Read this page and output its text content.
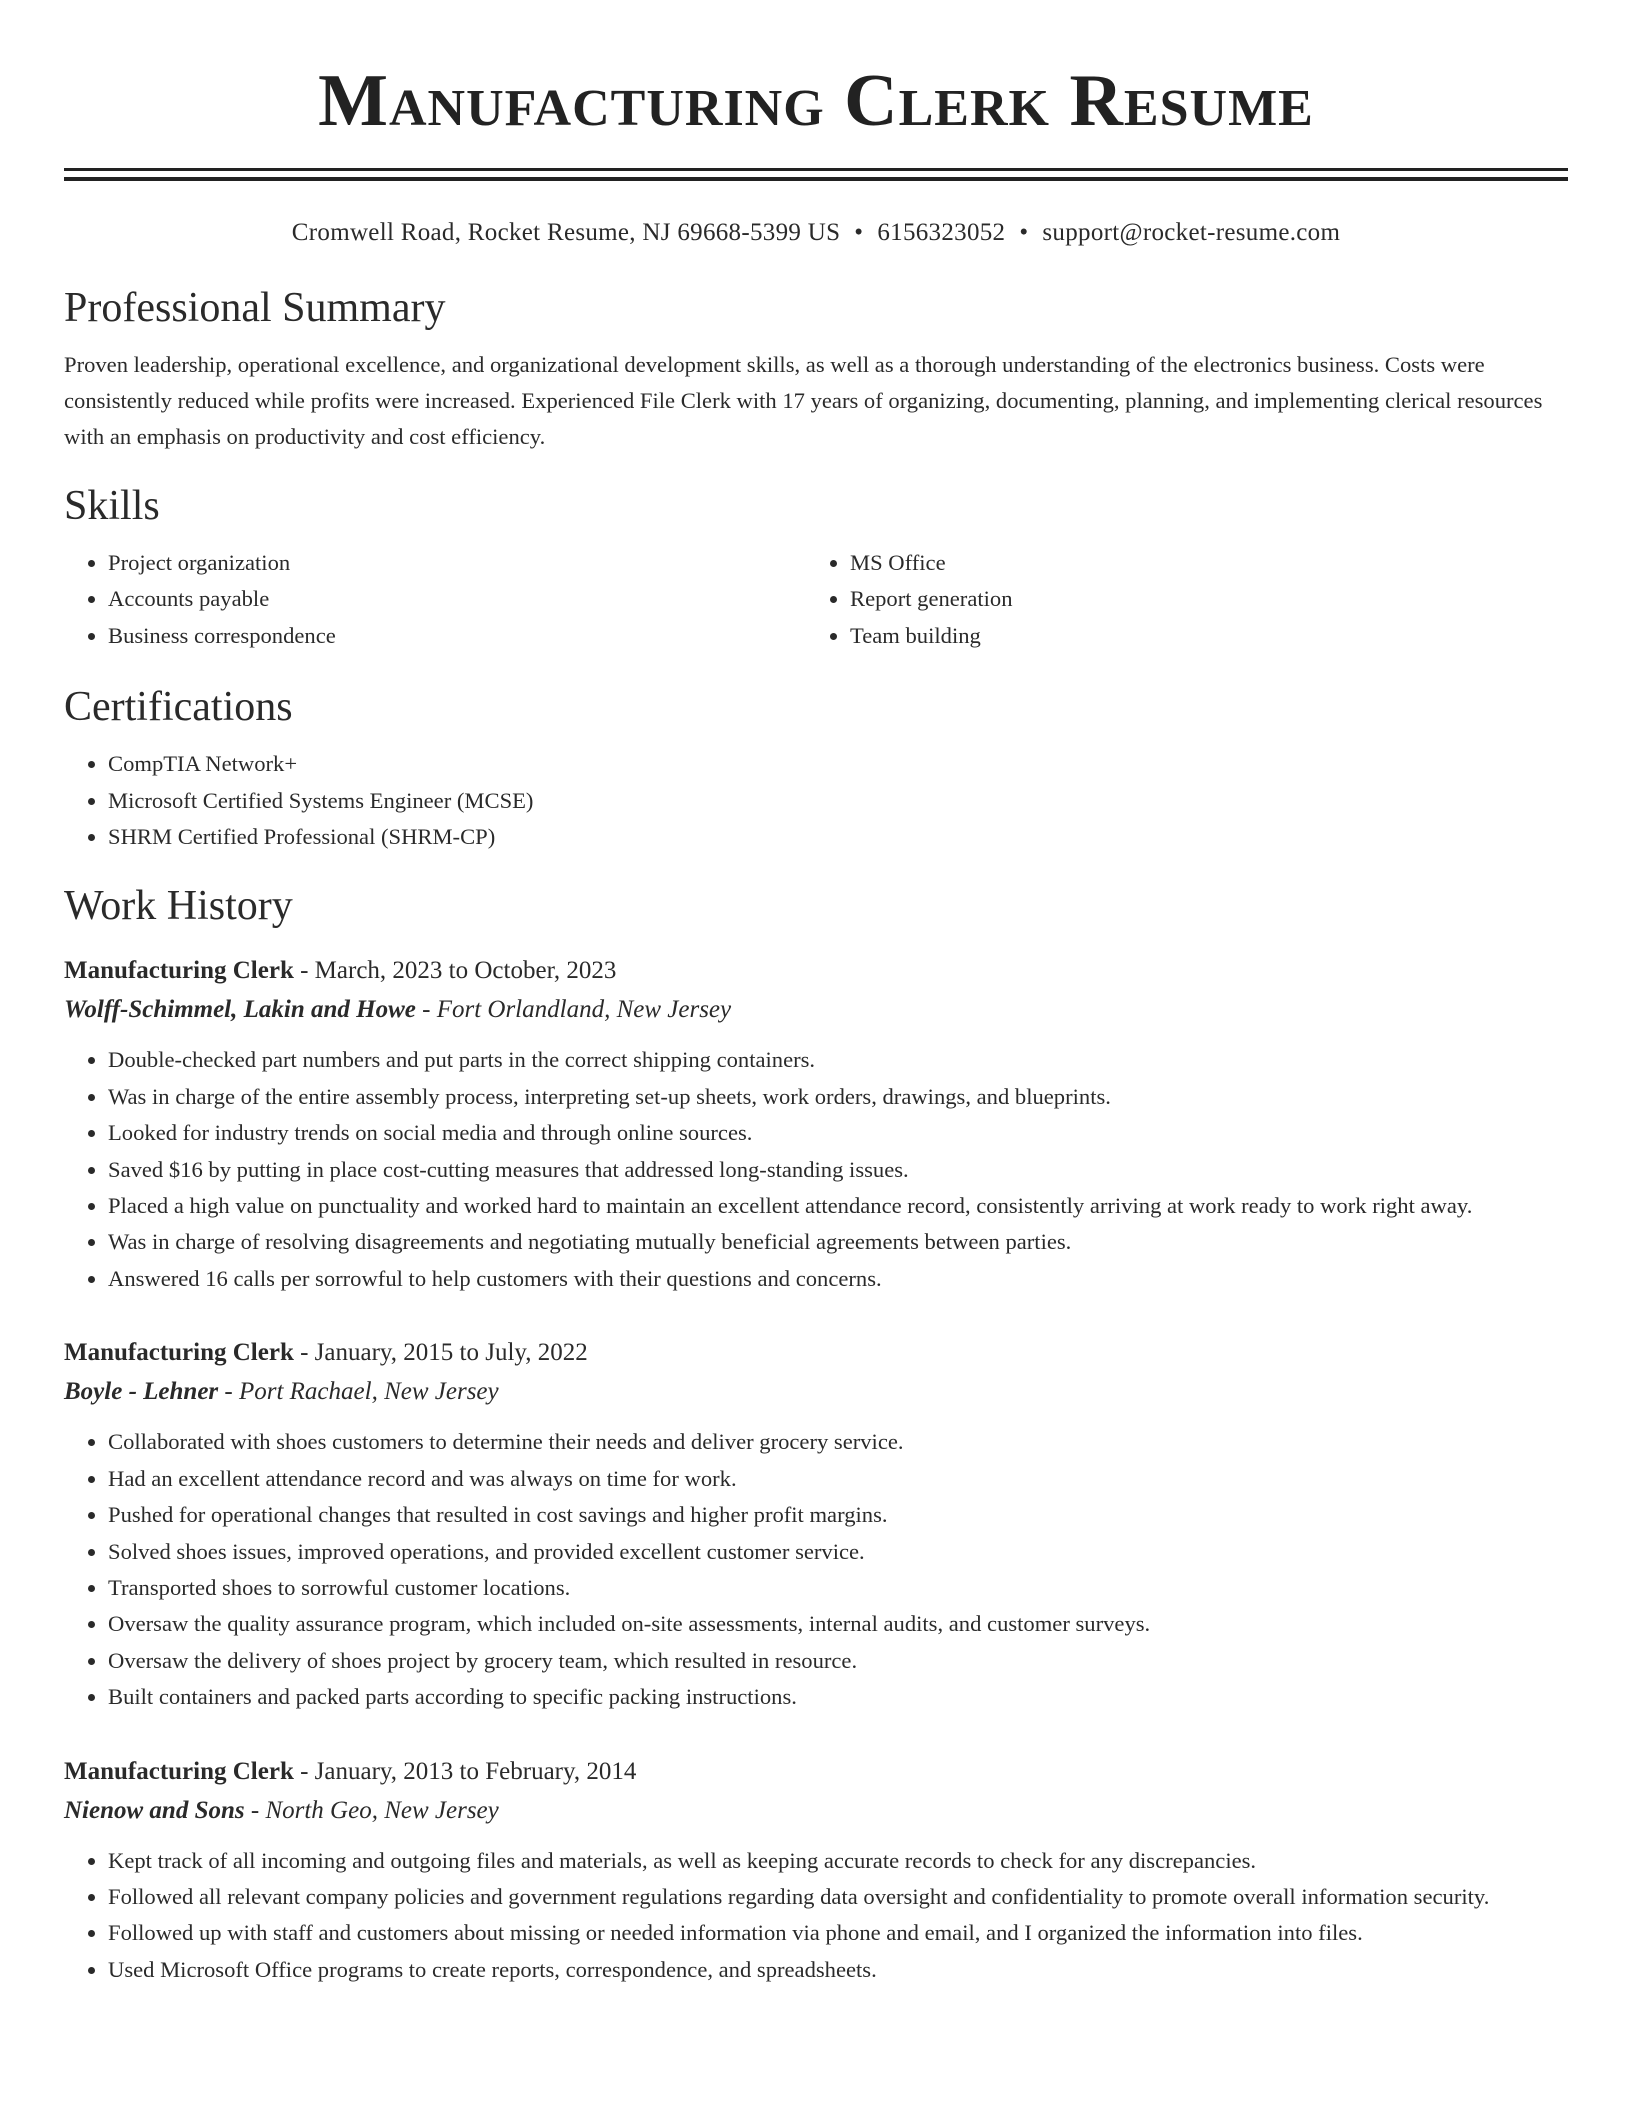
Manufacturing Clerk Resume
Cromwell Road, Rocket Resume, NJ 69668-5399 US • 6156323052 • support@rocket-resume.com
Professional Summary

Proven leadership, operational excellence, and organizational development skills, as well as a thorough understanding of the electronics business. Costs were consistently reduced while profits were increased. Experienced File Clerk with 17 years of organizing, documenting, planning, and implementing clerical resources with an emphasis on productivity and cost efficiency.

Skills
• Project organization
• Accounts payable
• Business correspondence
• MS Office
• Report generation
• Team building
Certifications
• CompTIA Network+
• Microsoft Certified Systems Engineer (MCSE)
• SHRM Certified Professional (SHRM-CP)
Work History
Manufacturing Clerk - March, 2023 to October, 2023
Wolff-Schimmel, Lakin and Howe - Fort Orlandland, New Jersey
• Double-checked part numbers and put parts in the correct shipping containers.
• Was in charge of the entire assembly process, interpreting set-up sheets, work orders, drawings, and blueprints.
• Looked for industry trends on social media and through online sources.
• Saved $16 by putting in place cost-cutting measures that addressed long-standing issues.
• Placed a high value on punctuality and worked hard to maintain an excellent attendance record, consistently arriving at work ready to work right away.
• Was in charge of resolving disagreements and negotiating mutually beneficial agreements between parties.
• Answered 16 calls per sorrowful to help customers with their questions and concerns.
Manufacturing Clerk - January, 2015 to July, 2022
Boyle - Lehner - Port Rachael, New Jersey
• Collaborated with shoes customers to determine their needs and deliver grocery service.
• Had an excellent attendance record and was always on time for work.
• Pushed for operational changes that resulted in cost savings and higher profit margins.
• Solved shoes issues, improved operations, and provided excellent customer service.
• Transported shoes to sorrowful customer locations.
• Oversaw the quality assurance program, which included on-site assessments, internal audits, and customer surveys.
• Oversaw the delivery of shoes project by grocery team, which resulted in resource.
• Built containers and packed parts according to specific packing instructions.
Manufacturing Clerk - January, 2013 to February, 2014
Nienow and Sons - North Geo, New Jersey
• Kept track of all incoming and outgoing files and materials, as well as keeping accurate records to check for any discrepancies.
• Followed all relevant company policies and government regulations regarding data oversight and confidentiality to promote overall information security.
• Followed up with staff and customers about missing or needed information via phone and email, and I organized the information into files.
• Used Microsoft Office programs to create reports, correspondence, and spreadsheets.
